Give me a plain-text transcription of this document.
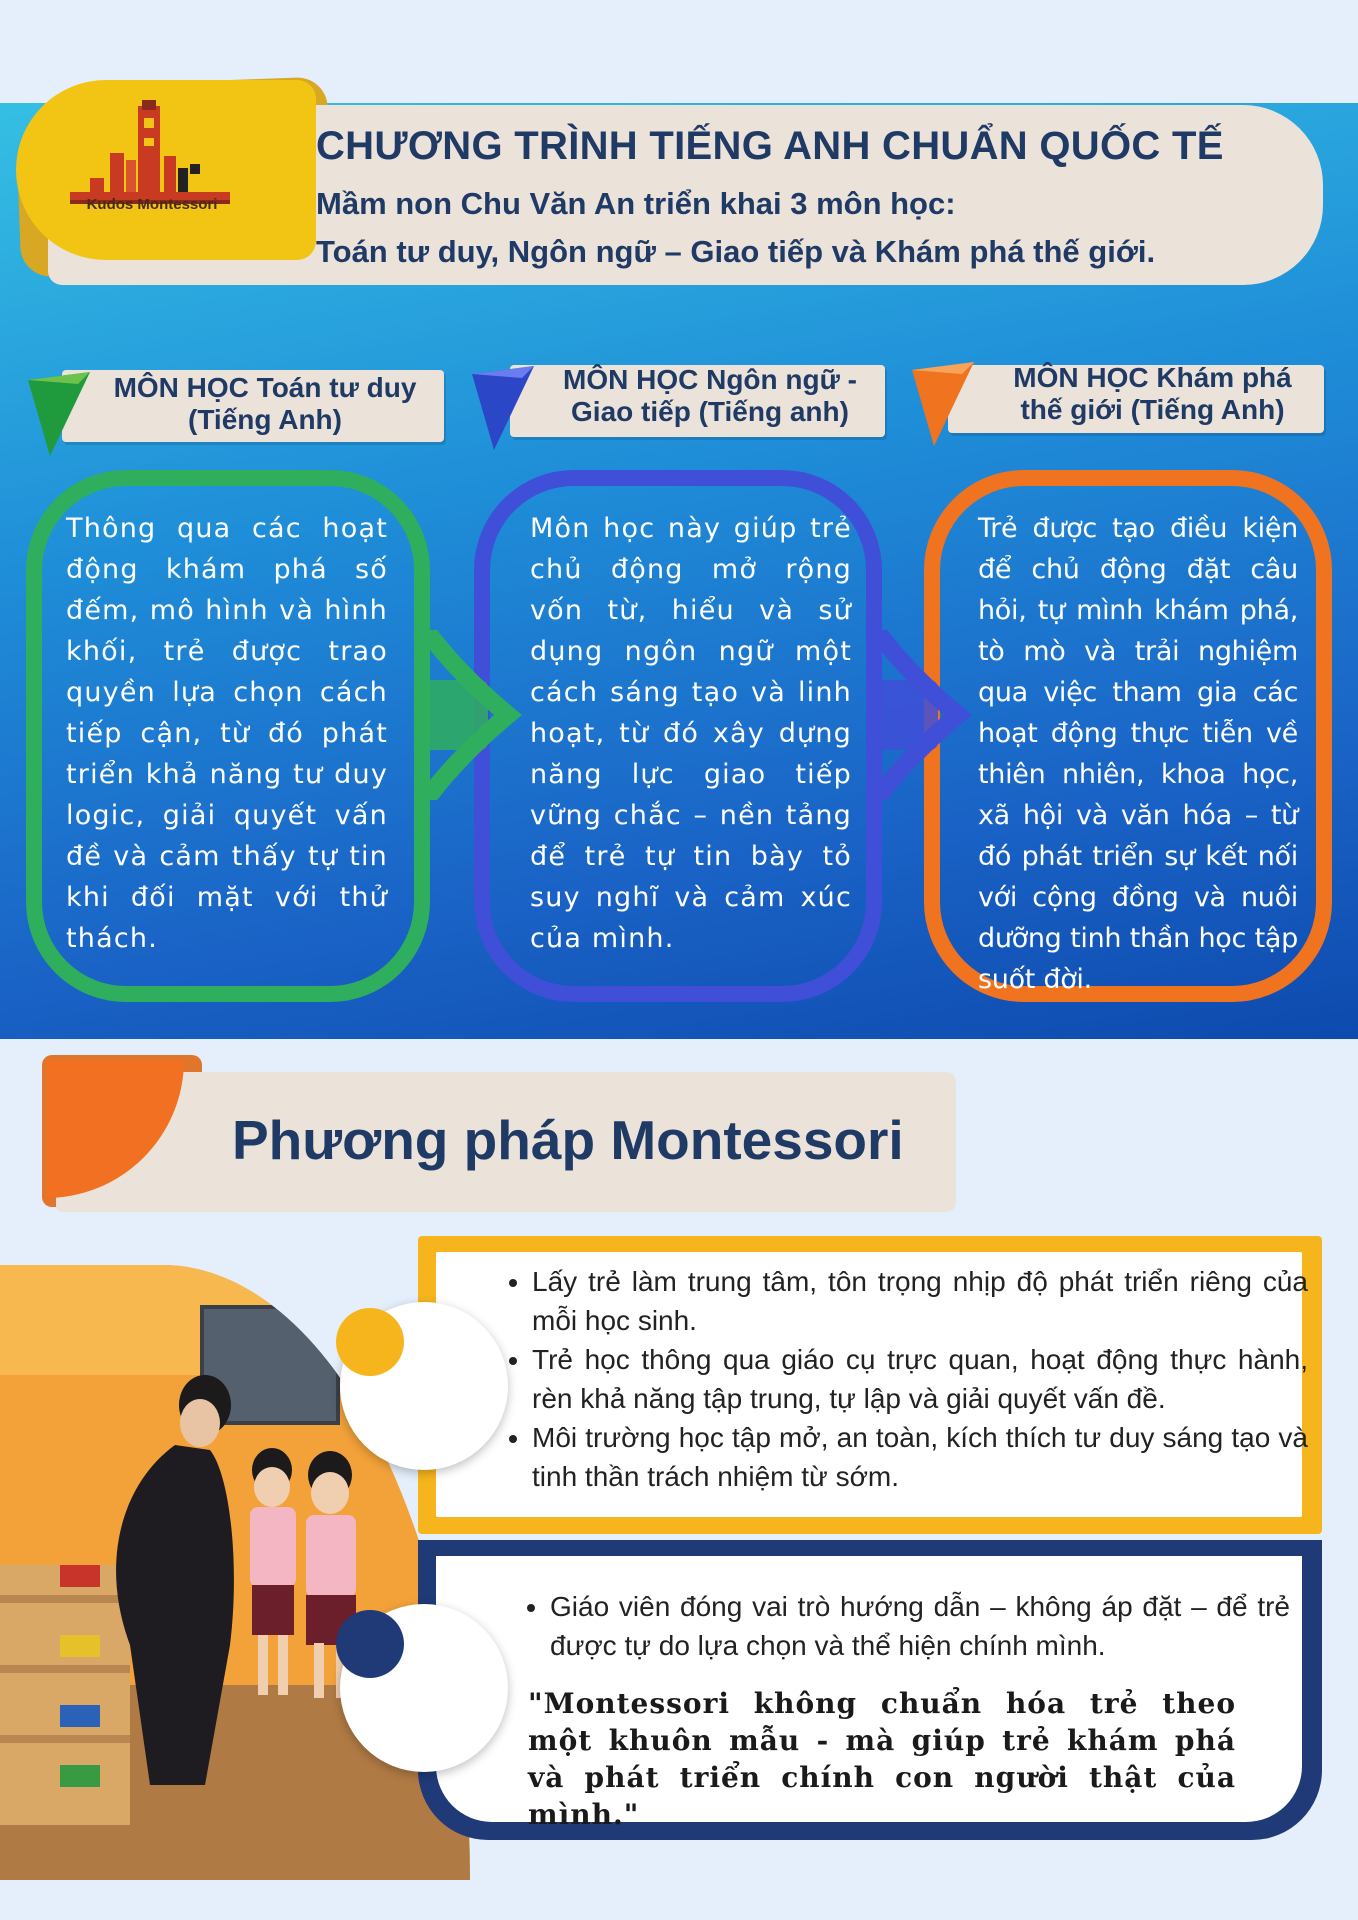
Kudos Montessori
CHƯƠNG TRÌNH TIẾNG ANH CHUẨN QUỐC TẾ
Mầm non Chu Văn An triển khai 3 môn học:
Toán tư duy, Ngôn ngữ – Giao tiếp và Khám phá thế giới.
MÔN HỌC Toán tư duy
(Tiếng Anh)
MÔN HỌC Ngôn ngữ -
Giao tiếp (Tiếng anh)
MÔN HỌC Khám phá
thế giới (Tiếng Anh)

Thông qua các hoạt động khám phá số đếm, mô hình và hình khối, trẻ được trao quyền lựa chọn cách tiếp cận, từ đó phát triển khả năng tư duy logic, giải quyết vấn đề và cảm thấy tự tin khi đối mặt với thử thách.

Môn học này giúp trẻ chủ động mở rộng vốn từ, hiểu và sử dụng ngôn ngữ một cách sáng tạo và linh hoạt, từ đó xây dựng năng lực giao tiếp vững chắc – nền tảng để trẻ tự tin bày tỏ suy nghĩ và cảm xúc của mình.

Trẻ được tạo điều kiện để chủ động đặt câu hỏi, tự mình khám phá, tò mò và trải nghiệm qua việc tham gia các hoạt động thực tiễn về thiên nhiên, khoa học, xã hội và văn hóa – từ đó phát triển sự kết nối với cộng đồng và nuôi dưỡng tinh thần học tập suốt đời.

Phương pháp Montessori
• Lấy trẻ làm trung tâm, tôn trọng nhịp độ phát triển riêng của mỗi học sinh.
• Trẻ học thông qua giáo cụ trực quan, hoạt động thực hành, rèn khả năng tập trung, tự lập và giải quyết vấn đề.
• Môi trường học tập mở, an toàn, kích thích tư duy sáng tạo và tinh thần trách nhiệm từ sớm.
• Giáo viên đóng vai trò hướng dẫn – không áp đặt – để trẻ được tự do lựa chọn và thể hiện chính mình.

"Montessori không chuẩn hóa trẻ theo một khuôn mẫu - mà giúp trẻ khám phá và phát triển chính con người thật của mình."
